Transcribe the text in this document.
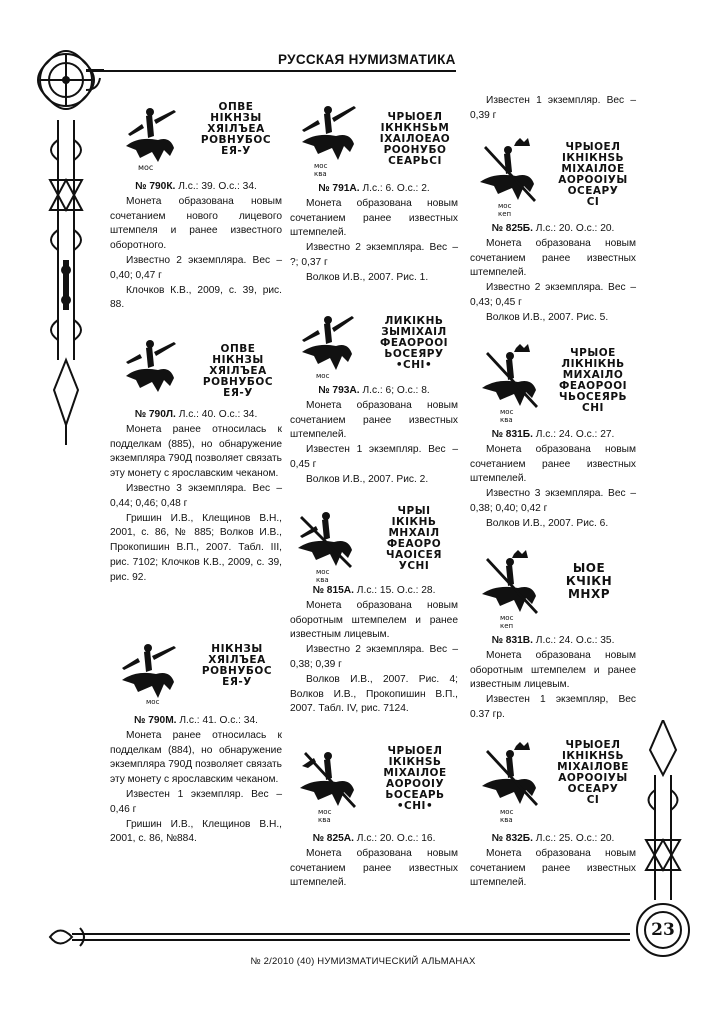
РУССКАЯ НУМИЗМАТИКА
23
№ 2/2010 (40) НУМИЗМАТИЧЕСКИЙ АЛЬМАНАХ
мос
ОПВЕ
НІКНЗЫ
ХЯІЛЪЕА
РОВНУБОС
ЕЯ-У
№ 790К. Л.с.: 39. О.с.: 34.

Монета образована новым сочетанием нового лицевого штемпеля и ранее известного оборотного.

Известно 2 экземпляра. Вес – 0,40; 0,47 г

Клочков К.В., 2009, с. 39, рис. 88.

ОПВЕ
НІКНЗЫ
ХЯІЛЪЕА
РОВНУБОС
ЕЯ-У
№ 790Л. Л.с.: 40. О.с.: 34.

Монета ранее относилась к подделкам (885), но обнаружение экземпляра 790Д позволяет связать эту монету с ярославским чеканом.

Известно 3 экземпляра. Вес – 0,44; 0,46; 0,48 г

Гришин И.В., Клещинов В.Н., 2001, с. 86, № 885; Волков И.В., Прокопишин В.П., 2007. Табл. III, рис. 7102; Клочков К.В., 2009, с. 39, рис. 92.

мос
НІКНЗЫ
ХЯІЛЪЕА
РОВНУБОС
ЕЯ-У
№ 790М. Л.с.: 41. О.с.: 34.

Монета ранее относилась к подделкам (884), но обнаружение экземпляра 790Д позволяет связать эту монету с ярославским чеканом.

Известен 1 экземпляр. Вес – 0,46 г

Гришин И.В., Клещинов В.Н., 2001, с. 86, №884.

мос
ква
ЧРЫОЕЛ
ІКНКНЅЬМ
ІХАІЛОЕАО
РООНУБО
СЕАРЬСІ
№ 791А. Л.с.: 6. О.с.: 2.

Монета образована новым сочетанием ранее известных штемпелей.

Известно 2 экземпляра. Вес – ?; 0,37 г

Волков И.В., 2007. Рис. 1.

мос
ЛИКІКНЬ
ЗЫМІХАІЛ
ФЕАОРООІ
ЬОСЕЯРУ
•СНІ•
№ 793А. Л.с.: 6; О.с.: 8.

Монета образована новым сочетанием ранее известных штемпелей.

Известен 1 экземпляр. Вес – 0,45 г

Волков И.В., 2007. Рис. 2.

мос
ква
ЧРЫІ
ІКІКНЬ
МНХАІЛ
ФЕАОРО
ЧАОІСЕЯ
УСНІ
№ 815А. Л.с.: 15. О.с.: 28.

Монета образована новым оборотным штемпелем и ранее известным лицевым.

Известно 2 экземпляра. Вес – 0,38; 0,39 г

Волков И.В., 2007. Рис. 4; Волков И.В., Прокопишин В.П., 2007. Табл. IV, рис. 7124.

мос
ква
ЧРЫОЕЛ
ІКІКНЅЬ
МІХАІЛОЕ
АОРООІУ
ЬОСЕАРЬ
•СНІ•
№ 825А. Л.с.: 20. О.с.: 16.

Монета образована новым сочетанием ранее известных штемпелей.

Известен 1 экземпляр. Вес – 0,39 г

мос
кеп
ЧРЫОЕЛ
ІКНІКНЅЬ
МІХАІЛОЕ
АОРООІУЫ
ОСЕАРУ
СІ
№ 825Б. Л.с.: 20. О.с.: 20.

Монета образована новым сочетанием ранее известных штемпелей.

Известно 2 экземпляра. Вес – 0,43; 0,45 г

Волков И.В., 2007. Рис. 5.

мос
ква
ЧРЫОЕ
ЛІКНІКНЬ
МИХАІЛО
ФЕАОРООІ
ЧЬОСЕЯРЬ
СНІ
№ 831Б. Л.с.: 24. О.с.: 27.

Монета образована новым сочетанием ранее известных штемпелей.

Известно 3 экземпляра. Вес – 0,38; 0,40; 0,42 г

Волков И.В., 2007. Рис. 6.

мос
кеп
ЫОЕ
КЧІКН
МНХР
№ 831В. Л.с.: 24. О.с.: 35.

Монета образована новым оборотным штемпелем и ранее известным лицевым.

Известен 1 экземпляр, Вес 0.37 гр.

мос
ква
ЧРЫОЕЛ
ІКНІКНЅЬ
МІХАІЛОВЕ
АОРООІУЫ
ОСЕАРУ
СІ
№ 832Б. Л.с.: 25. О.с.: 20.

Монета образована новым сочетанием ранее известных штемпелей.
